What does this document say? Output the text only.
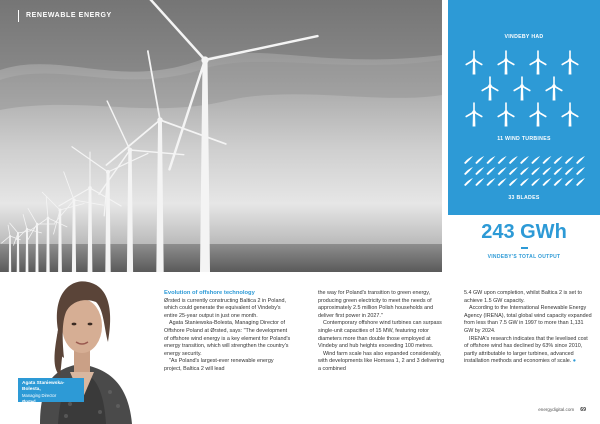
RENEWABLE ENERGY
VINDEBY HAD
11 WIND TURBINES
33 BLADES
243 GWh
VINDEBY'S TOTAL OUTPUT
Agata Staniewska-Bolesta,
Managing Director
Ørsted

Evolution of offshore technology

Ørsted is currently constructing Baltica 2 in Poland, which could generate the equivalent of Vindeby's entire 25-year output in just one month.

Agata Staniewska-Bolesta, Managing Director of Offshore Poland at Ørsted, says: "The development of offshore wind energy is a key element for Poland's energy transition, which will strengthen the country's energy security.

"As Poland's largest-ever renewable energy project, Baltica 2 will lead

the way for Poland's transition to green energy, producing green electricity to meet the needs of approximately 2.5 million Polish households and deliver first power in 2027."

Contemporary offshore wind turbines can surpass single-unit capacities of 15 MW, featuring rotor diameters more than double those employed at Vindeby and hub heights exceeding 100 metres.

Wind farm scale has also expanded considerably, with developments like Hornsea 1, 2 and 3 delivering a combined

5.4 GW upon completion, whilst Baltica 2 is set to achieve 1.5 GW capacity.

According to the International Renewable Energy Agency (IRENA), total global wind capacity expanded from less than 7.5 GW in 1997 to more than 1,131 GW by 2024.

IRENA's research indicates that the levelised cost of offshore wind has declined by 63% since 2010, partly attributable to larger turbines, advanced installation methods and economies of scale. ●

energydigital.com 69
